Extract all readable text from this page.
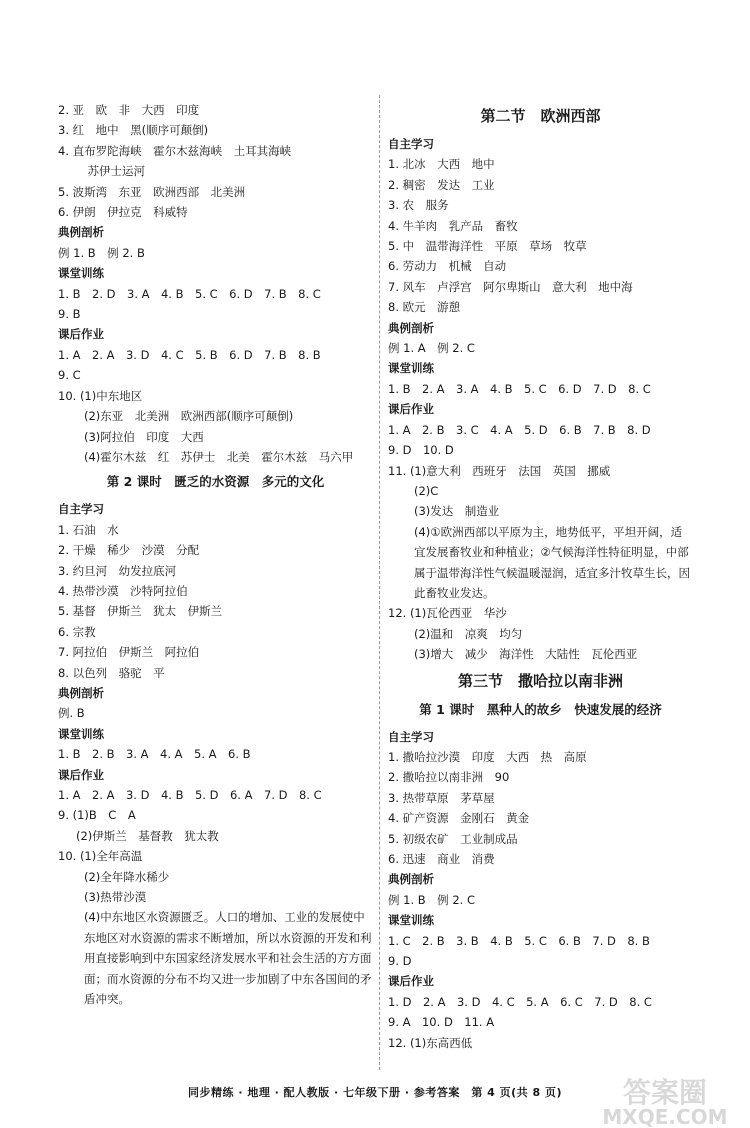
2. 亚　欧　非　大西　印度
3. 红　地中　黑(顺序可颠倒)
4. 直布罗陀海峡　霍尔木兹海峡　土耳其海峡
　苏伊士运河
5. 波斯湾　东亚　欧洲西部　北美洲
6. 伊朗　伊拉克　科威特
典例剖析
例 1. B　例 2. B
课堂训练
1. B　2. D　3. A　4. B　5. C　6. D　7. B　8. C
9. B
课后作业
1. A　2. A　3. D　4. C　5. B　6. D　7. B　8. B
9. C
10. (1)中东地区
(2)东亚　北美洲　欧洲西部(顺序可颠倒)
(3)阿拉伯　印度　大西
(4)霍尔木兹　红　苏伊士　北美　霍尔木兹　马六甲
第 2 课时　匮乏的水资源　多元的文化
自主学习
1. 石油　水
2. 干燥　稀少　沙漠　分配
3. 约旦河　幼发拉底河
4. 热带沙漠　沙特阿拉伯
5. 基督　伊斯兰　犹太　伊斯兰
6. 宗教
7. 阿拉伯　伊斯兰　阿拉伯
8. 以色列　骆驼　平
典例剖析
例. B
课堂训练
1. B　2. B　3. A　4. A　5. A　6. B
课后作业
1. A　2. A　3. D　4. B　5. D　6. A　7. D　8. C
9. (1)B　C　A
(2)伊斯兰　基督教　犹太教
10. (1)全年高温
(2)全年降水稀少
(3)热带沙漠
(4)中东地区水资源匮乏。人口的增加、工业的发展使中东地区对水资源的需求不断增加，所以水资源的开发和利用直接影响到中东国家经济发展水平和社会生活的方方面面；而水资源的分布不均又进一步加剧了中东各国间的矛盾冲突。
第二节　欧洲西部
自主学习
1. 北冰　大西　地中
2. 稠密　发达　工业
3. 农　服务
4. 牛羊肉　乳产品　畜牧
5. 中　温带海洋性　平原　草场　牧草
6. 劳动力　机械　自动
7. 风车　卢浮宫　阿尔卑斯山　意大利　地中海
8. 欧元　游憩
典例剖析
例 1. A　例 2. C
课堂训练
1. B　2. A　3. A　4. B　5. C　6. D　7. D　8. C
课后作业
1. A　2. B　3. C　4. A　5. D　6. B　7. B　8. D
9. D　10. D
11. (1)意大利　西班牙　法国　英国　挪威
(2)C
(3)发达　制造业
(4)①欧洲西部以平原为主，地势低平，平坦开阔，适宜发展畜牧业和种植业；②气候海洋性特征明显，中部属于温带海洋性气候温暖湿润，适宜多汁牧草生长，因此畜牧业发达。
12. (1)瓦伦西亚　华沙
(2)温和　凉爽　均匀
(3)增大　减少　海洋性　大陆性　瓦伦西亚
第三节　撒哈拉以南非洲
第 1 课时　黑种人的故乡　快速发展的经济
自主学习
1. 撒哈拉沙漠　印度　大西　热　高原
2. 撒哈拉以南非洲　90
3. 热带草原　茅草屋
4. 矿产资源　金刚石　黄金
5. 初级农矿　工业制成品
6. 迅速　商业　消费
典例剖析
例 1. B　例 2. C
课堂训练
1. C　2. B　3. B　4. B　5. C　6. B　7. D　8. B
9. D
课后作业
1. D　2. A　3. D　4. C　5. A　6. C　7. D　8. C
9. A　10. D　11. A
12. (1)东高西低
同步精练 · 地理 · 配人教版 · 七年级下册 · 参考答案　第 4 页(共 8 页)	答案圈
MXQE.COM
